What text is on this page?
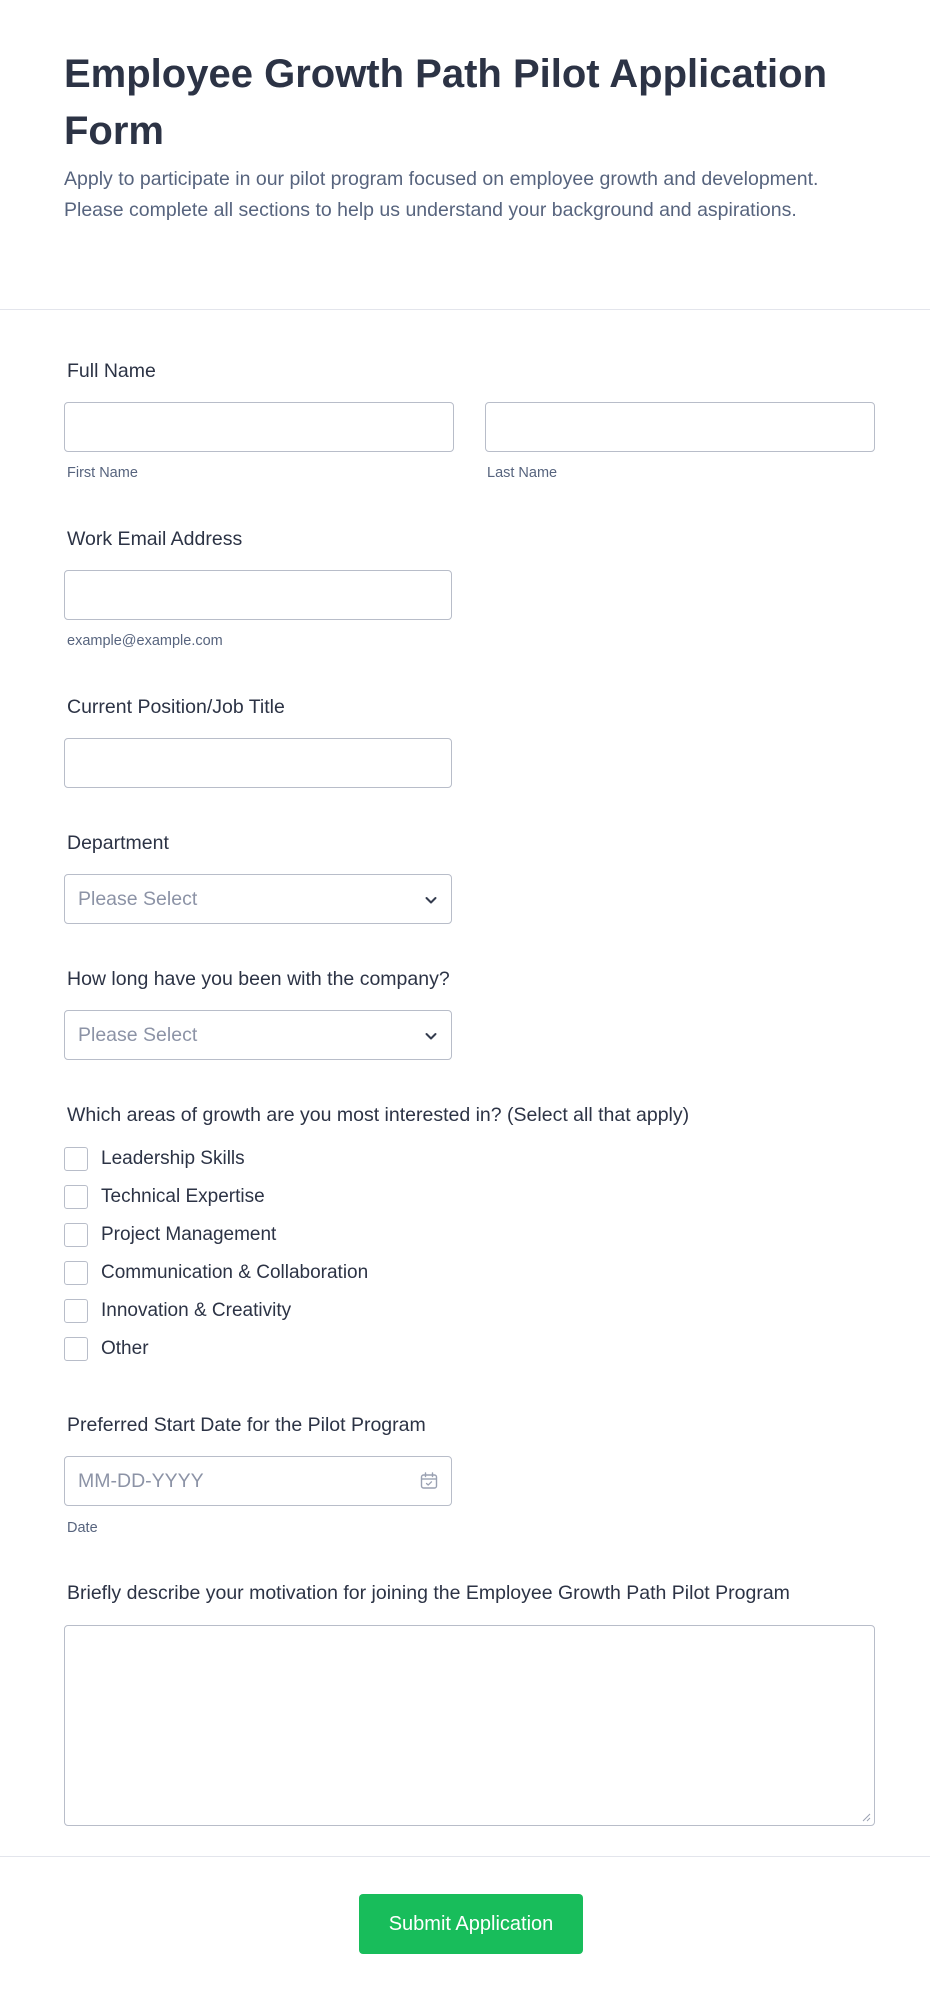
Employee Growth Path Pilot Application Form

Apply to participate in our pilot program focused on employee growth and development. Please complete all sections to help us understand your background and aspirations.

Full Name
First Name	Last Name
Work Email Address
example@example.com
Current Position/Job Title
Department
Please Select
How long have you been with the company?
Please Select
Which areas of growth are you most interested in? (Select all that apply)
Leadership Skills
Technical Expertise
Project Management
Communication & Collaboration
Innovation & Creativity
Other
Preferred Start Date for the Pilot Program
MM-DD-YYYY
Date
Briefly describe your motivation for joining the Employee Growth Path Pilot Program
Submit Application
